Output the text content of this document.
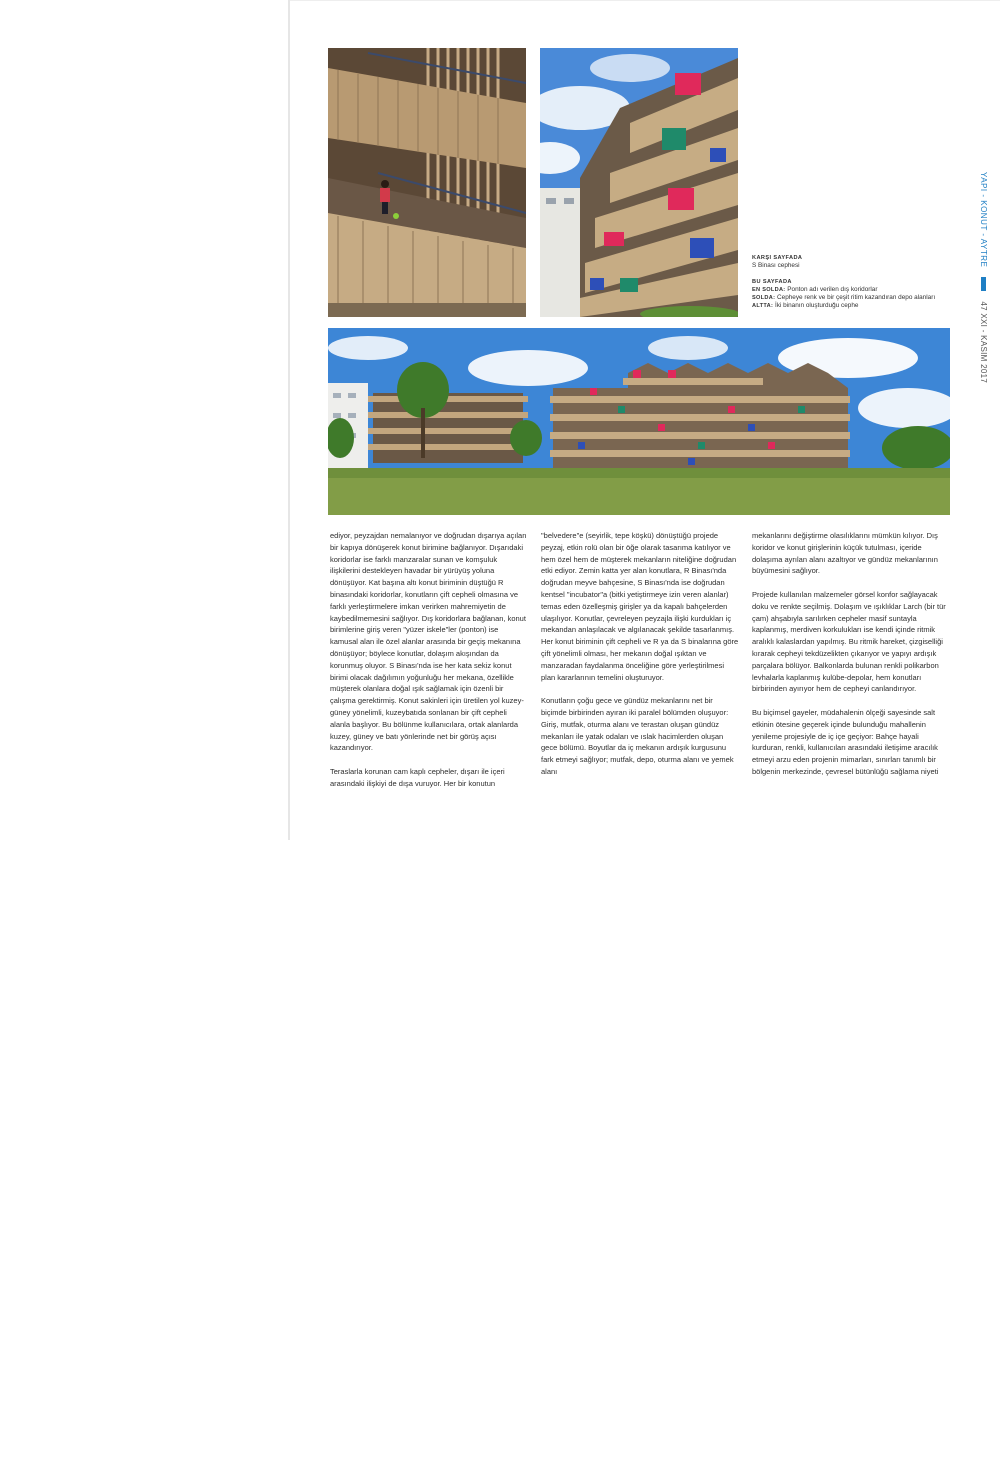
KARŞI SAYFADA
S Binası cephesi
BU SAYFADA
EN SOLDA: Ponton adı verilen dış koridorlar
SOLDA: Cepheye renk ve bir çeşit ritim kazandıran depo alanları
ALTTA: İki binanın oluşturduğu cephe
YAPI - KONUT - AYTRE47 XXI - KASIM 2017

ediyor, peyzajdan nemalanıyor ve doğrudan dışarıya açılan bir kapıya dönüşerek konut birimine bağlanıyor. Dışarıdaki koridorlar ise farklı manzaralar sunan ve komşuluk ilişkilerini destekleyen havadar bir yürüyüş yoluna dönüşüyor. Kat başına altı konut biriminin düştüğü R binasındaki koridorlar, konutların çift cepheli olmasına ve farklı yerleştirmelere imkan verirken mahremiyetin de kaybedilmemesini sağlıyor. Dış koridorlara bağlanan, konut birimlerine giriş veren "yüzer iskele"ler (ponton) ise kamusal alan ile özel alanlar arasında bir geçiş mekanına dönüşüyor; böylece konutlar, dolaşım akışından da korunmuş oluyor. S Binası'nda ise her kata sekiz konut birimi olacak dağılımın yoğunluğu her mekana, özellikle müşterek olanlara doğal ışık sağlamak için özenli bir çalışma gerektirmiş. Konut sakinleri için üretilen yol kuzey-güney yönelimli, kuzeybatıda sonlanan bir çift cepheli alanla başlıyor. Bu bölünme kullanıcılara, ortak alanlarda kuzey, güney ve batı yönlerinde net bir görüş açısı kazandırıyor.

Teraslarla korunan cam kaplı cepheler, dışarı ile içeri arasındaki ilişkiyi de dışa vuruyor. Her bir konutun

"belvedere"e (seyirlik, tepe köşkü) dönüştüğü projede peyzaj, etkin rolü olan bir öğe olarak tasarıma katılıyor ve hem özel hem de müşterek mekanların niteliğine doğrudan etki ediyor. Zemin katta yer alan konutlara, R Binası'nda doğrudan meyve bahçesine, S Binası'nda ise doğrudan kentsel "incubator"a (bitki yetiştirmeye izin veren alanlar) temas eden özelleşmiş girişler ya da kapalı bahçelerden ulaşılıyor. Konutlar, çevreleyen peyzajla ilişki kurdukları iç mekandan anlaşılacak ve algılanacak şekilde tasarlanmış. Her konut biriminin çift cepheli ve R ya da S binalarına göre çift yönelimli olması, her mekanın doğal ışıktan ve manzaradan faydalanma önceliğine göre yerleştirilmesi plan kararlarının temelini oluşturuyor.

Konutların çoğu gece ve gündüz mekanlarını net bir biçimde birbirinden ayıran iki paralel bölümden oluşuyor: Giriş, mutfak, oturma alanı ve terastan oluşan gündüz mekanları ile yatak odaları ve ıslak hacimlerden oluşan gece bölümü. Boyutlar da iç mekanın ardışık kurgusunu fark etmeyi sağlıyor; mutfak, depo, oturma alanı ve yemek alanı

mekanlarını değiştirme olasılıklarını mümkün kılıyor. Dış koridor ve konut girişlerinin küçük tutulması, içeride dolaşıma ayrılan alanı azaltıyor ve gündüz mekanlarının büyümesini sağlıyor.

Projede kullanılan malzemeler görsel konfor sağlayacak doku ve renkte seçilmiş. Dolaşım ve ışıklıklar Larch (bir tür çam) ahşabıyla sarılırken cepheler masif suntayla kaplanmış, merdiven korkulukları ise kendi içinde ritmik aralıklı kalaslardan yapılmış. Bu ritmik hareket, çizgiselliği kırarak cepheyi tekdüzelikten çıkarıyor ve yapıyı ardışık parçalara bölüyor. Balkonlarda bulunan renkli polikarbon levhalarla kaplanmış kulübe-depolar, hem konutları birbirinden ayırıyor hem de cepheyi canlandırıyor.

Bu biçimsel gayeler, müdahalenin ölçeği sayesinde salt etkinin ötesine geçerek içinde bulunduğu mahallenin yenileme projesiyle de iç içe geçiyor: Bahçe hayali kurduran, renkli, kullanıcıları arasındaki iletişime aracılık etmeyi arzu eden projenin mimarları, sınırları tanımlı bir bölgenin merkezinde, çevresel bütünlüğü sağlama niyeti
